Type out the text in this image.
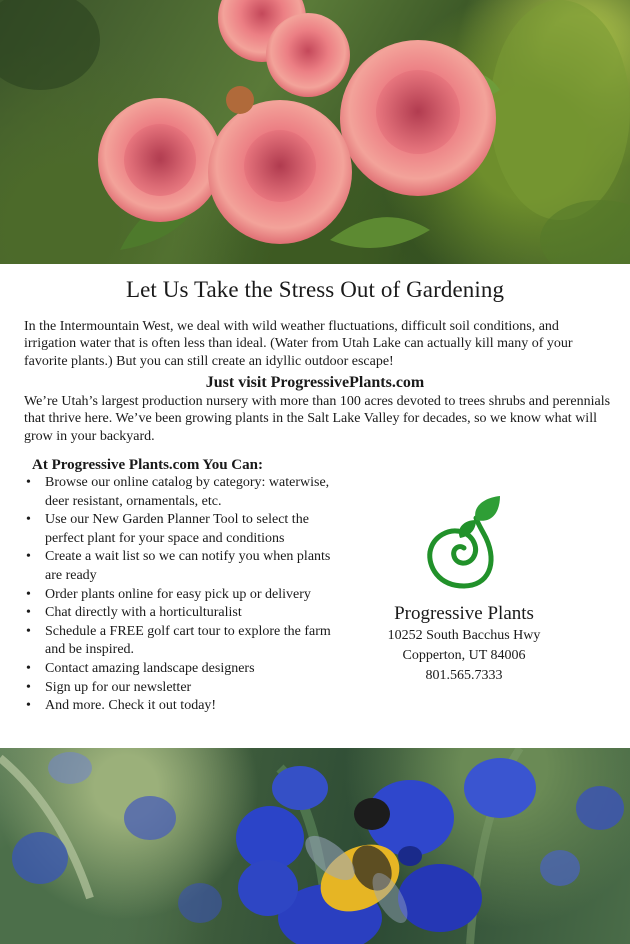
Let Us Take the Stress Out of Gardening

In the Intermountain West, we deal with wild weather fluctuations, difficult soil conditions, and irrigation water that is often less than ideal. (Water from Utah Lake can actually kill many of your favorite plants.) But you can still create an idyllic outdoor escape!

Just visit ProgressivePlants.com

We’re Utah’s largest production nursery with more than 100 acres devoted to trees shrubs and perennials that thrive here. We’ve been growing plants in the Salt Lake Valley for decades, so we know what will grow in your backyard.

At Progressive Plants.com You Can:
• Browse our online catalog by category: waterwise, deer resistant, ornamentals, etc.
• Use our New Garden Planner Tool to select the perfect plant for your space and conditions
• Create a wait list so we can notify you when plants are ready
• Order plants online for easy pick up or delivery
• Chat directly with a horticulturalist
• Schedule a FREE golf cart tour to explore the farm and be inspired.
• Contact amazing landscape designers
• Sign up for our newsletter
• And more. Check it out today!
Progressive Plants
10252 South Bacchus Hwy
Copperton, UT 84006
801.565.7333
